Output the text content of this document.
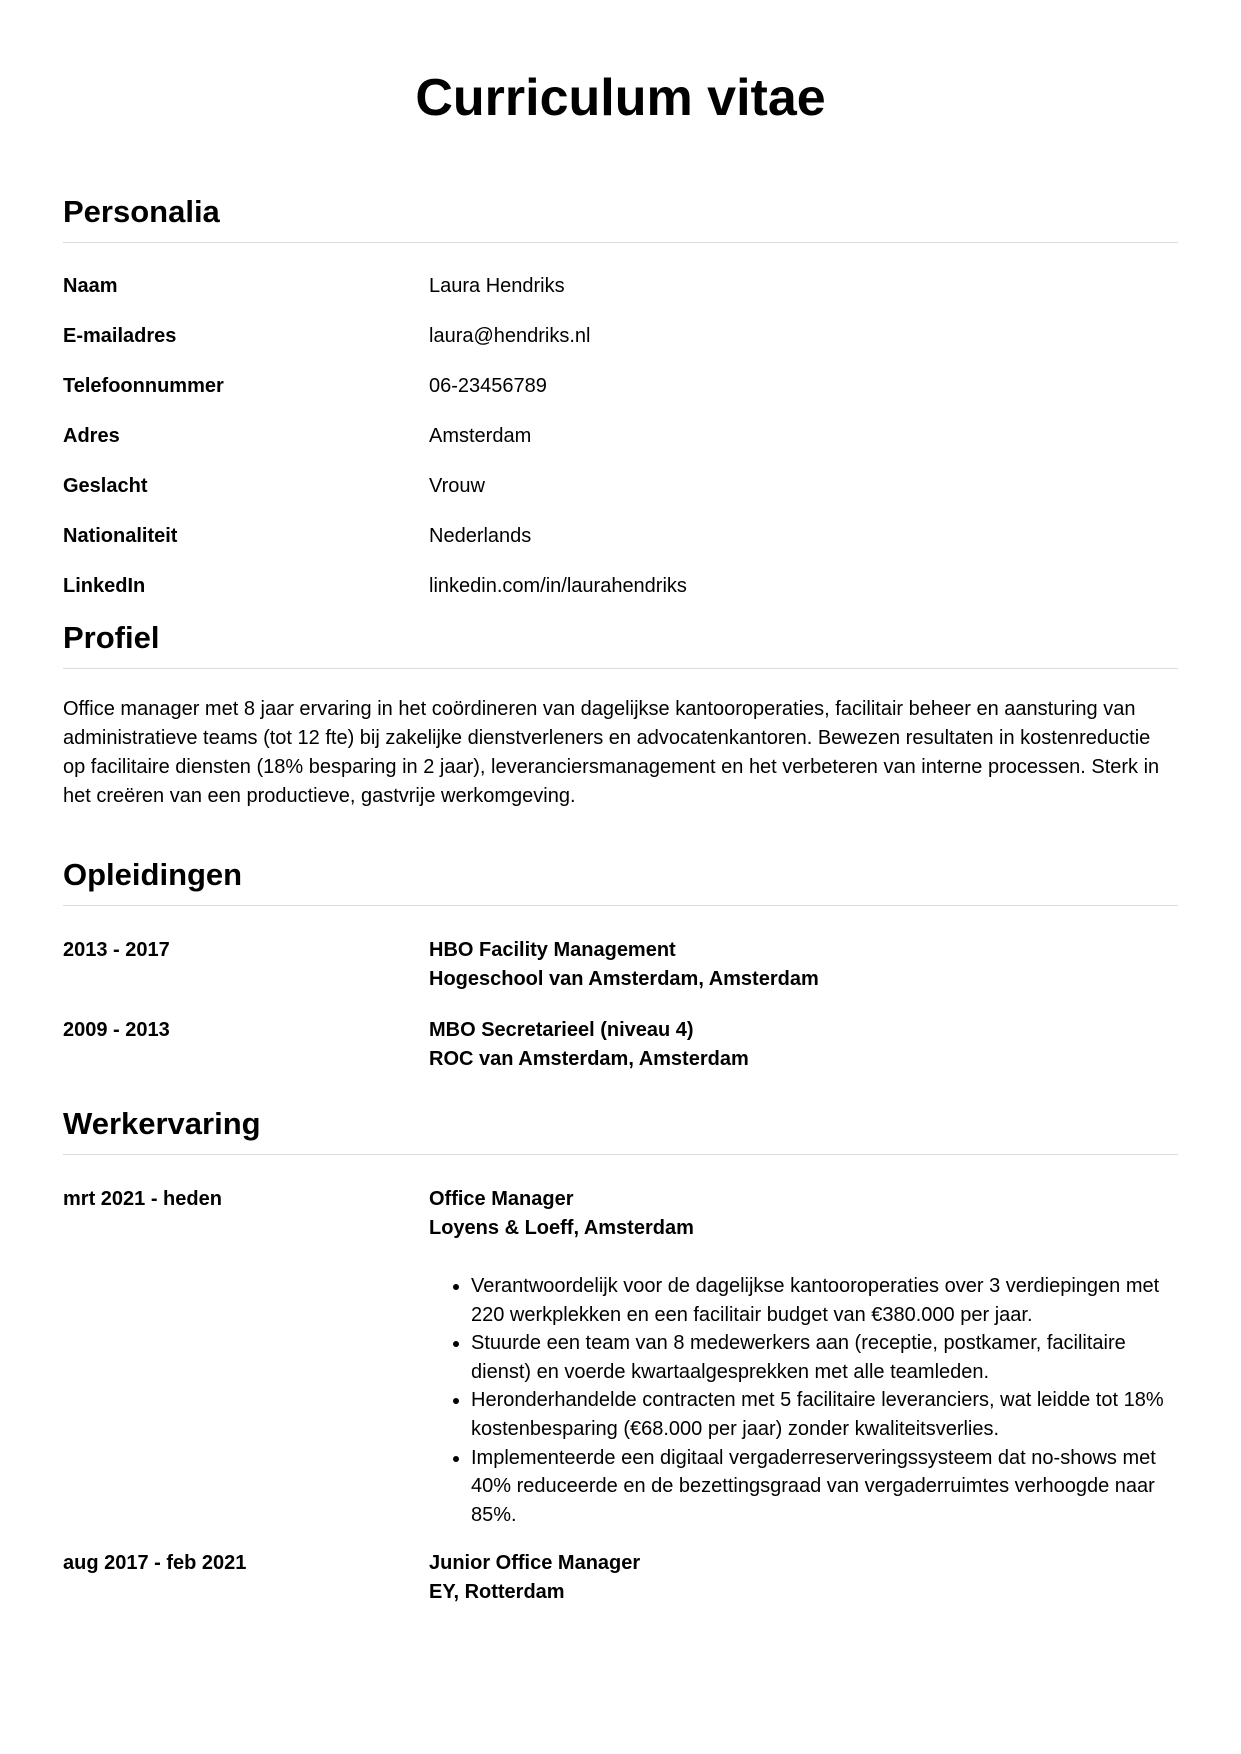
Curriculum vitae
Personalia
Naam	Laura Hendriks
E-mailadres	laura@hendriks.nl
Telefoonnummer	06-23456789
Adres	Amsterdam
Geslacht	Vrouw
Nationaliteit	Nederlands
LinkedIn	linkedin.com/in/laurahendriks
Profiel

Office manager met 8 jaar ervaring in het coördineren van dagelijkse kantooroperaties, facilitair beheer en aansturing van administratieve teams (tot 12 fte) bij zakelijke dienstverleners en advocatenkantoren. Bewezen resultaten in kostenreductie op facilitaire diensten (18% besparing in 2 jaar), leveranciersmanagement en het verbeteren van interne processen. Sterk in het creëren van een productieve, gastvrije werkomgeving.

Opleidingen
2013 - 2017	HBO Facility Management
Hogeschool van Amsterdam, Amsterdam
2009 - 2013	MBO Secretarieel (niveau 4)
ROC van Amsterdam, Amsterdam
Werkervaring
mrt 2021 - heden	Office Manager
Loyens & Loeff, Amsterdam
• Verantwoordelijk voor de dagelijkse kantooroperaties over 3 verdiepingen met 220 werkplekken en een facilitair budget van €380.000 per jaar.
• Stuurde een team van 8 medewerkers aan (receptie, postkamer, facilitaire dienst) en voerde kwartaalgesprekken met alle teamleden.
• Heronderhandelde contracten met 5 facilitaire leveranciers, wat leidde tot 18% kostenbesparing (€68.000 per jaar) zonder kwaliteitsverlies.
• Implementeerde een digitaal vergaderreserveringssysteem dat no-shows met 40% reduceerde en de bezettingsgraad van vergaderruimtes verhoogde naar 85%.
aug 2017 - feb 2021	Junior Office Manager
EY, Rotterdam
